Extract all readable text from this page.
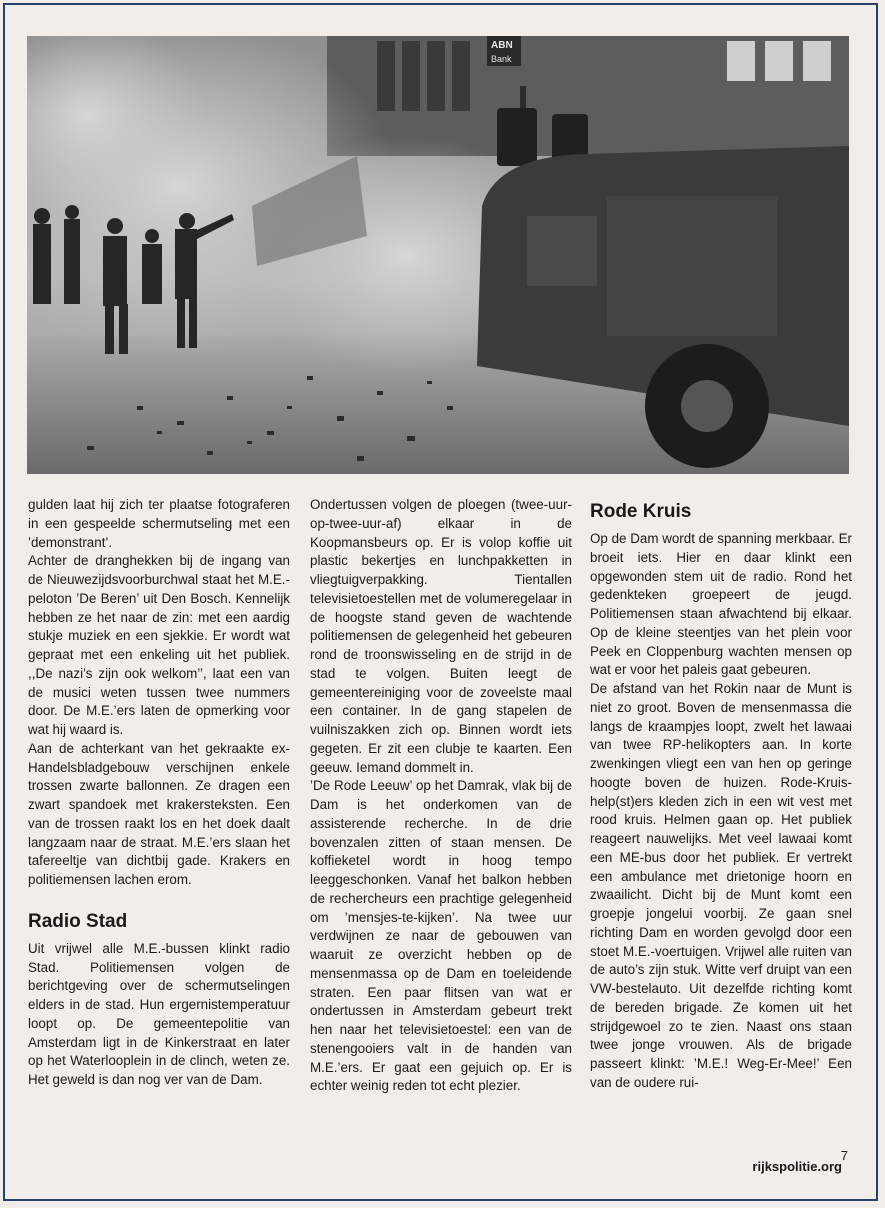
ABN
Bank

gulden laat hij zich ter plaatse fotograferen in een gespeelde schermutseling met een ’demonstrant’.

Achter de dranghekken bij de ingang van de Nieuwezijdsvoorburchwal staat het M.E.-peloton ’De Beren’ uit Den Bosch. Kennelijk hebben ze het naar de zin: met een aardig stukje muziek en een sjekkie. Er wordt wat gepraat met een enkeling uit het publiek. ,,De nazi’s zijn ook welkom’’, laat een van de musici weten tussen twee nummers door. De M.E.’ers laten de opmerking voor wat hij waard is.

Aan de achterkant van het gekraakte ex-Handelsbladgebouw verschijnen enkele trossen zwarte ballonnen. Ze dragen een zwart spandoek met krakersteksten. Een van de trossen raakt los en het doek daalt langzaam naar de straat. M.E.’ers slaan het tafereeltje van dichtbij gade. Krakers en politiemensen lachen erom.

Radio Stad

Uit vrijwel alle M.E.-bussen klinkt radio Stad. Politiemensen volgen de berichtgeving over de schermutselingen elders in de stad. Hun ergernistemperatuur loopt op. De gemeentepolitie van Amsterdam ligt in de Kinkerstraat en later op het Waterlooplein in de clinch, weten ze. Het geweld is dan nog ver van de Dam.

Ondertussen volgen de ploegen (twee-uur-op-twee-uur-af) elkaar in de Koopmansbeurs op. Er is volop koffie uit plastic bekertjes en lunchpakketten in vliegtuigverpakking. Tientallen televisietoestellen met de volumeregelaar in de hoogste stand geven de wachtende politiemensen de gelegenheid het gebeuren rond de troonswisseling en de strijd in de stad te volgen. Buiten leegt de gemeentereiniging voor de zoveelste maal een container. In de gang stapelen de vuilniszakken zich op. Binnen wordt iets gegeten. Er zit een clubje te kaarten. Een geeuw. Iemand dommelt in.

’De Rode Leeuw’ op het Damrak, vlak bij de Dam is het onderkomen van de assisterende recherche. In de drie bovenzalen zitten of staan mensen. De koffieketel wordt in hoog tempo leeggeschonken. Vanaf het balkon hebben de rechercheurs een prachtige gelegenheid om ’mensjes-te-kijken’. Na twee uur verdwijnen ze naar de gebouwen van waaruit ze overzicht hebben op de mensenmassa op de Dam en toeleidende straten. Een paar flitsen van wat er ondertussen in Amsterdam gebeurt trekt hen naar het televisietoestel: een van de stenengooiers valt in de handen van M.E.’ers. Er gaat een gejuich op. Er is echter weinig reden tot echt plezier.

Rode Kruis

Op de Dam wordt de spanning merkbaar. Er broeit iets. Hier en daar klinkt een opgewonden stem uit de radio. Rond het gedenkteken groepeert de jeugd. Politiemensen staan afwachtend bij elkaar. Op de kleine steentjes van het plein voor Peek en Cloppenburg wachten mensen op wat er voor het paleis gaat gebeuren.

De afstand van het Rokin naar de Munt is niet zo groot. Boven de mensenmassa die langs de kraampjes loopt, zwelt het lawaai van twee RP-helikopters aan. In korte zwenkingen vliegt een van hen op geringe hoogte boven de huizen. Rode-Kruis-help(st)ers kleden zich in een wit vest met rood kruis. Helmen gaan op. Het publiek reageert nauwelijks. Met veel lawaai komt een ME-bus door het publiek. Er vertrekt een ambulance met drietonige hoorn en zwaailicht. Dicht bij de Munt komt een groepje jongelui voorbij. Ze gaan snel richting Dam en worden gevolgd door een stoet M.E.-voertuigen. Vrijwel alle ruiten van de auto’s zijn stuk. Witte verf druipt van een VW-bestelauto. Uit dezelfde richting komt de bereden brigade. Ze komen uit het strijdgewoel zo te zien. Naast ons staan twee jonge vrouwen. Als de brigade passeert klinkt: ’M.E.! Weg-Er-Mee!’ Een van de oudere rui-

7
rijkspolitie.org
